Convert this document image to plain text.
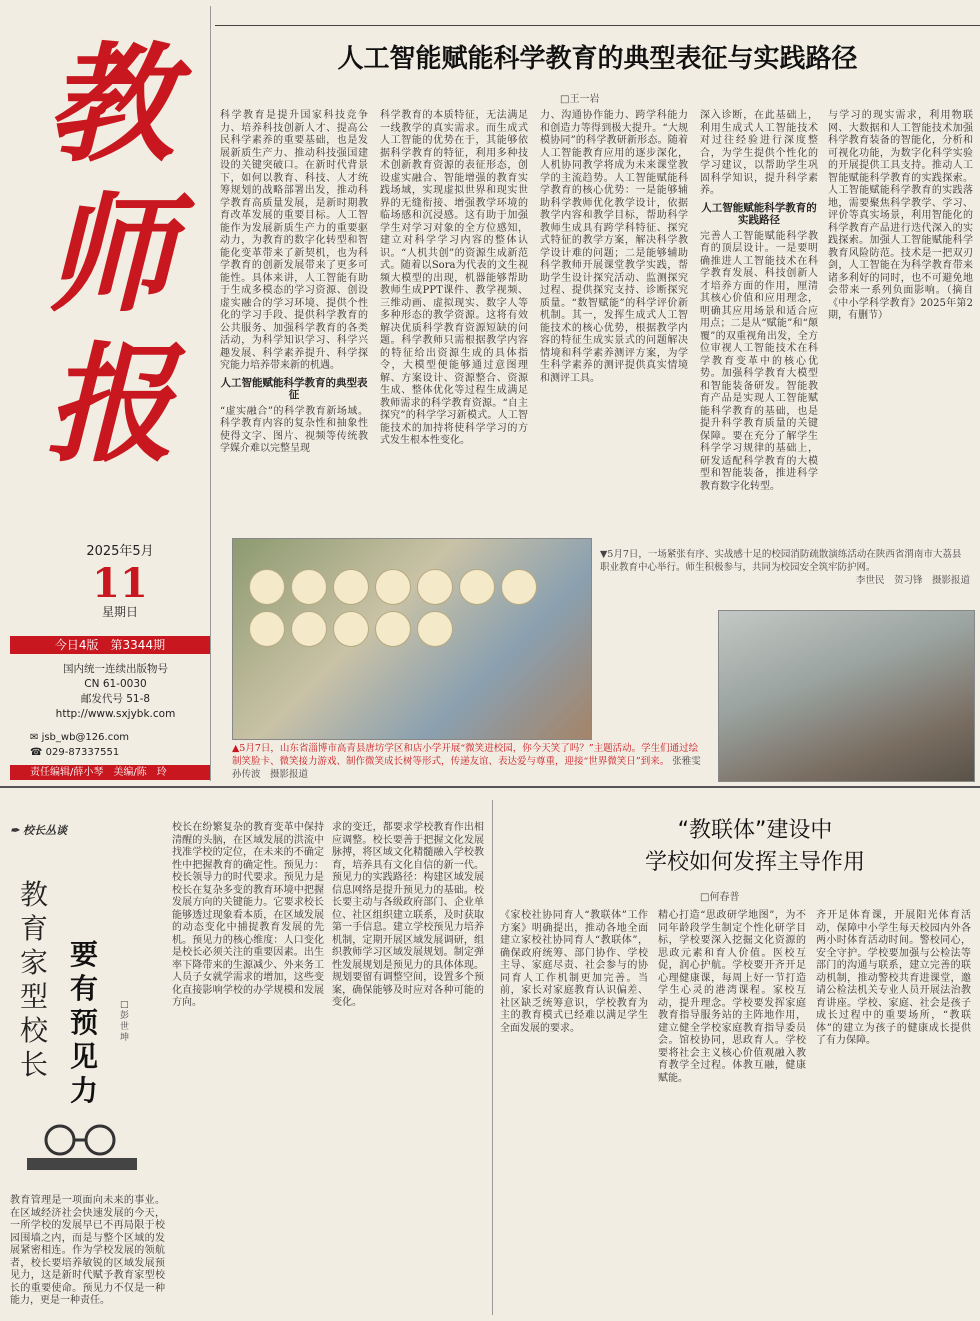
教
师
报
2025年5月
11
星期日
今日4版　第3344期
国内统一连续出版物号
CN 61-0030
邮发代号 51-8
http://www.sxjybk.com
✉ jsb_wb@126.com
☎ 029-87337551
责任编辑/薛小琴　美编/陈　玲
人工智能赋能科学教育的典型表征与实践路径
□王一岩
科学教育是提升国家科技竞争力、培养科技创新人才、提高公民科学素养的重要基础，也是发展新质生产力、推动科技强国建设的关键突破口。在新时代背景下，如何以教育、科技、人才统筹规划的战略部署出发，推动科学教育高质量发展，是新时期教育改革发展的重要目标。人工智能作为发展新质生产力的重要驱动力，为教育的数字化转型和智能化变革带来了新契机，也为科学教育的创新发展带来了更多可能性。具体来讲，人工智能有助于生成多模态的学习资源、创设虚实融合的学习环境、提供个性化的学习手段、提供科学教育的公共服务、加强科学教育的各类活动，为科学知识学习、科学兴趣发展、科学素养提升、科学探究能力培养带来新的机遇。
人工智能赋能科学教育的典型表征
“虚实融合”的科学教育新场域。科学教育内容的复杂性和抽象性使得文字、图片、视频等传统教学媒介难以完整呈现
科学教育的本质特征，无法满足一线教学的真实需求。而生成式人工智能的优势在于，其能够依据科学教育的特征，利用多种技术创新教育资源的表征形态，创设虚实融合、智能增强的教育实践场域，实现虚拟世界和现实世界的无缝衔接、增强教学环境的临场感和沉浸感。这有助于加强学生对学习对象的全方位感知，建立对科学学习内容的整体认识。“人机共创”的资源生成新范式。随着以Sora为代表的文生视频大模型的出现，机器能够帮助教师生成PPT课件、教学视频、三维动画、虚拟现实、数字人等多种形态的教学资源。这将有效解决优质科学教育资源短缺的问题。科学教师只需根据教学内容的特征给出资源生成的具体指令，大模型便能够通过意图理解、方案设计、资源整合、资源生成、整体优化等过程生成满足教师需求的科学教育资源。“自主探究”的科学学习新模式。人工智能技术的加持将使科学学习的方式发生根本性变化。
力、沟通协作能力、跨学科能力和创造力等得到极大提升。“大规模协同”的科学教研新形态。随着人工智能教育应用的逐步深化，人机协同教学将成为未来课堂教学的主流趋势。人工智能赋能科学教育的核心优势：一是能够辅助科学教师优化教学设计，依据教学内容和教学目标，帮助科学教师生成具有跨学科特征、探究式特征的教学方案，解决科学教学设计难的问题；二是能够辅助科学教师开展课堂教学实践，帮助学生设计探究活动、监测探究过程、提供探究支持、诊断探究质量。“数智赋能”的科学评价新机制。其一，发挥生成式人工智能技术的核心优势，根据教学内容的特征生成实景式的问题解决情境和科学素养测评方案，为学生科学素养的测评提供真实情境和测评工具。
深入诊断，在此基础上，利用生成式人工智能技术对过往经验进行深度整合，为学生提供个性化的学习建议，以帮助学生巩固科学知识，提升科学素养。
人工智能赋能科学教育的实践路径
完善人工智能赋能科学教育的顶层设计。一是要明确推进人工智能技术在科学教育发展、科技创新人才培养方面的作用，厘清其核心价值和应用理念，明确其应用场景和适合应用点；二是从“赋能”和“颠覆”的双重视角出发，全方位审视人工智能技术在科学教育变革中的核心优势。加强科学教育大模型和智能装备研发。智能教育产品是实现人工智能赋能科学教育的基础，也是提升科学教育质量的关键保障。要在充分了解学生科学学习规律的基础上，研发适配科学教育的大模型和智能装备，推进科学教育数字化转型。
与学习的现实需求，利用物联网、大数据和人工智能技术加强科学教育装备的智能化，分析和可视化功能，为数字化科学实验的开展提供工具支持。推动人工智能赋能科学教育的实践探索。人工智能赋能科学教育的实践落地，需要聚焦科学教学、学习、评价等真实场景，利用智能化的科学教育产品进行迭代深入的实践探索。加强人工智能赋能科学教育风险防范。技术是一把双刃剑，人工智能在为科学教育带来诸多利好的同时，也不可避免地会带来一系列负面影响。（摘自《中小学科学教育》2025年第2期，有删节）
▲5月7日，山东省淄博市高青县唐坊学区和店小学开展“微笑进校园，你今天笑了吗？”主题活动。学生们通过绘制笑脸卡、微笑接力游戏、制作微笑成长树等形式，传递友谊、表达爱与尊重，迎接“世界微笑日”到来。 张雅雯　孙传波　摄影报道
▼5月7日，一场紧张有序、实战感十足的校园消防疏散演练活动在陕西省渭南市大荔县职业教育中心举行。师生积极参与，共同为校园安全筑牢防护网。

李世民　贺习锋　摄影报道
✒ 校长丛谈
教育家型校长
要有预见力
□彭世坤
教育管理是一项面向未来的事业。在区域经济社会快速发展的今天，一所学校的发展早已不再局限于校园围墙之内，而是与整个区域的发展紧密相连。作为学校发展的领航者，校长要培养敏锐的区域发展预见力，这是新时代赋予教育家型校长的重要使命。预见力不仅是一种能力，更是一种责任。
校长在纷繁复杂的教育变革中保持清醒的头脑，在区域发展的洪流中找准学校的定位，在未来的不确定性中把握教育的确定性。预见力：校长领导力的时代要求。预见力是校长在复杂多变的教育环境中把握发展方向的关键能力。它要求校长能够透过现象看本质，在区域发展的动态变化中捕捉教育发展的先机。预见力的核心维度：人口变化是校长必须关注的重要因素。出生率下降带来的生源减少、外来务工人员子女就学需求的增加，这些变化直接影响学校的办学规模和发展方向。
求的变迁，都要求学校教育作出相应调整。校长要善于把握文化发展脉搏，将区域文化精髓融入学校教育，培养具有文化自信的新一代。预见力的实践路径：构建区域发展信息网络是提升预见力的基础。校长要主动与各级政府部门、企业单位、社区组织建立联系，及时获取第一手信息。建立学校预见力培养机制，定期开展区域发展调研，组织教师学习区域发展规划。制定弹性发展规划是预见力的具体体现。规划要留有调整空间，设置多个预案，确保能够及时应对各种可能的变化。
“教联体”建设中
学校如何发挥主导作用
□何春普
《家校社协同育人“教联体”工作方案》明确提出，推动各地全面建立家校社协同育人“教联体”，确保政府统筹、部门协作、学校主导、家庭尽责、社会参与的协同育人工作机制更加完善。当前，家长对家庭教育认识偏差、社区缺乏统筹意识，学校教育为主的教育模式已经难以满足学生全面发展的要求。
精心打造“思政研学地图”，为不同年龄段学生制定个性化研学目标，学校要深入挖掘文化资源的思政元素和育人价值。医校互促，润心护航。学校要开齐开足心理健康课，每周上好一节打造学生心灵的港湾课程。家校互动，提升理念。学校要发挥家庭教育指导服务站的主阵地作用，建立健全学校家庭教育指导委员会。馆校协同，思政育人。学校要将社会主义核心价值观融入教育教学全过程。体教互融，健康赋能。
齐开足体育课，开展阳光体育活动，保障中小学生每天校园内外各两小时体育活动时间。警校同心，安全守护。学校要加强与公检法等部门的沟通与联系，建立完善的联动机制，推动警校共育进课堂，邀请公检法机关专业人员开展法治教育讲座。学校、家庭、社会是孩子成长过程中的重要场所，“教联体”的建立为孩子的健康成长提供了有力保障。
